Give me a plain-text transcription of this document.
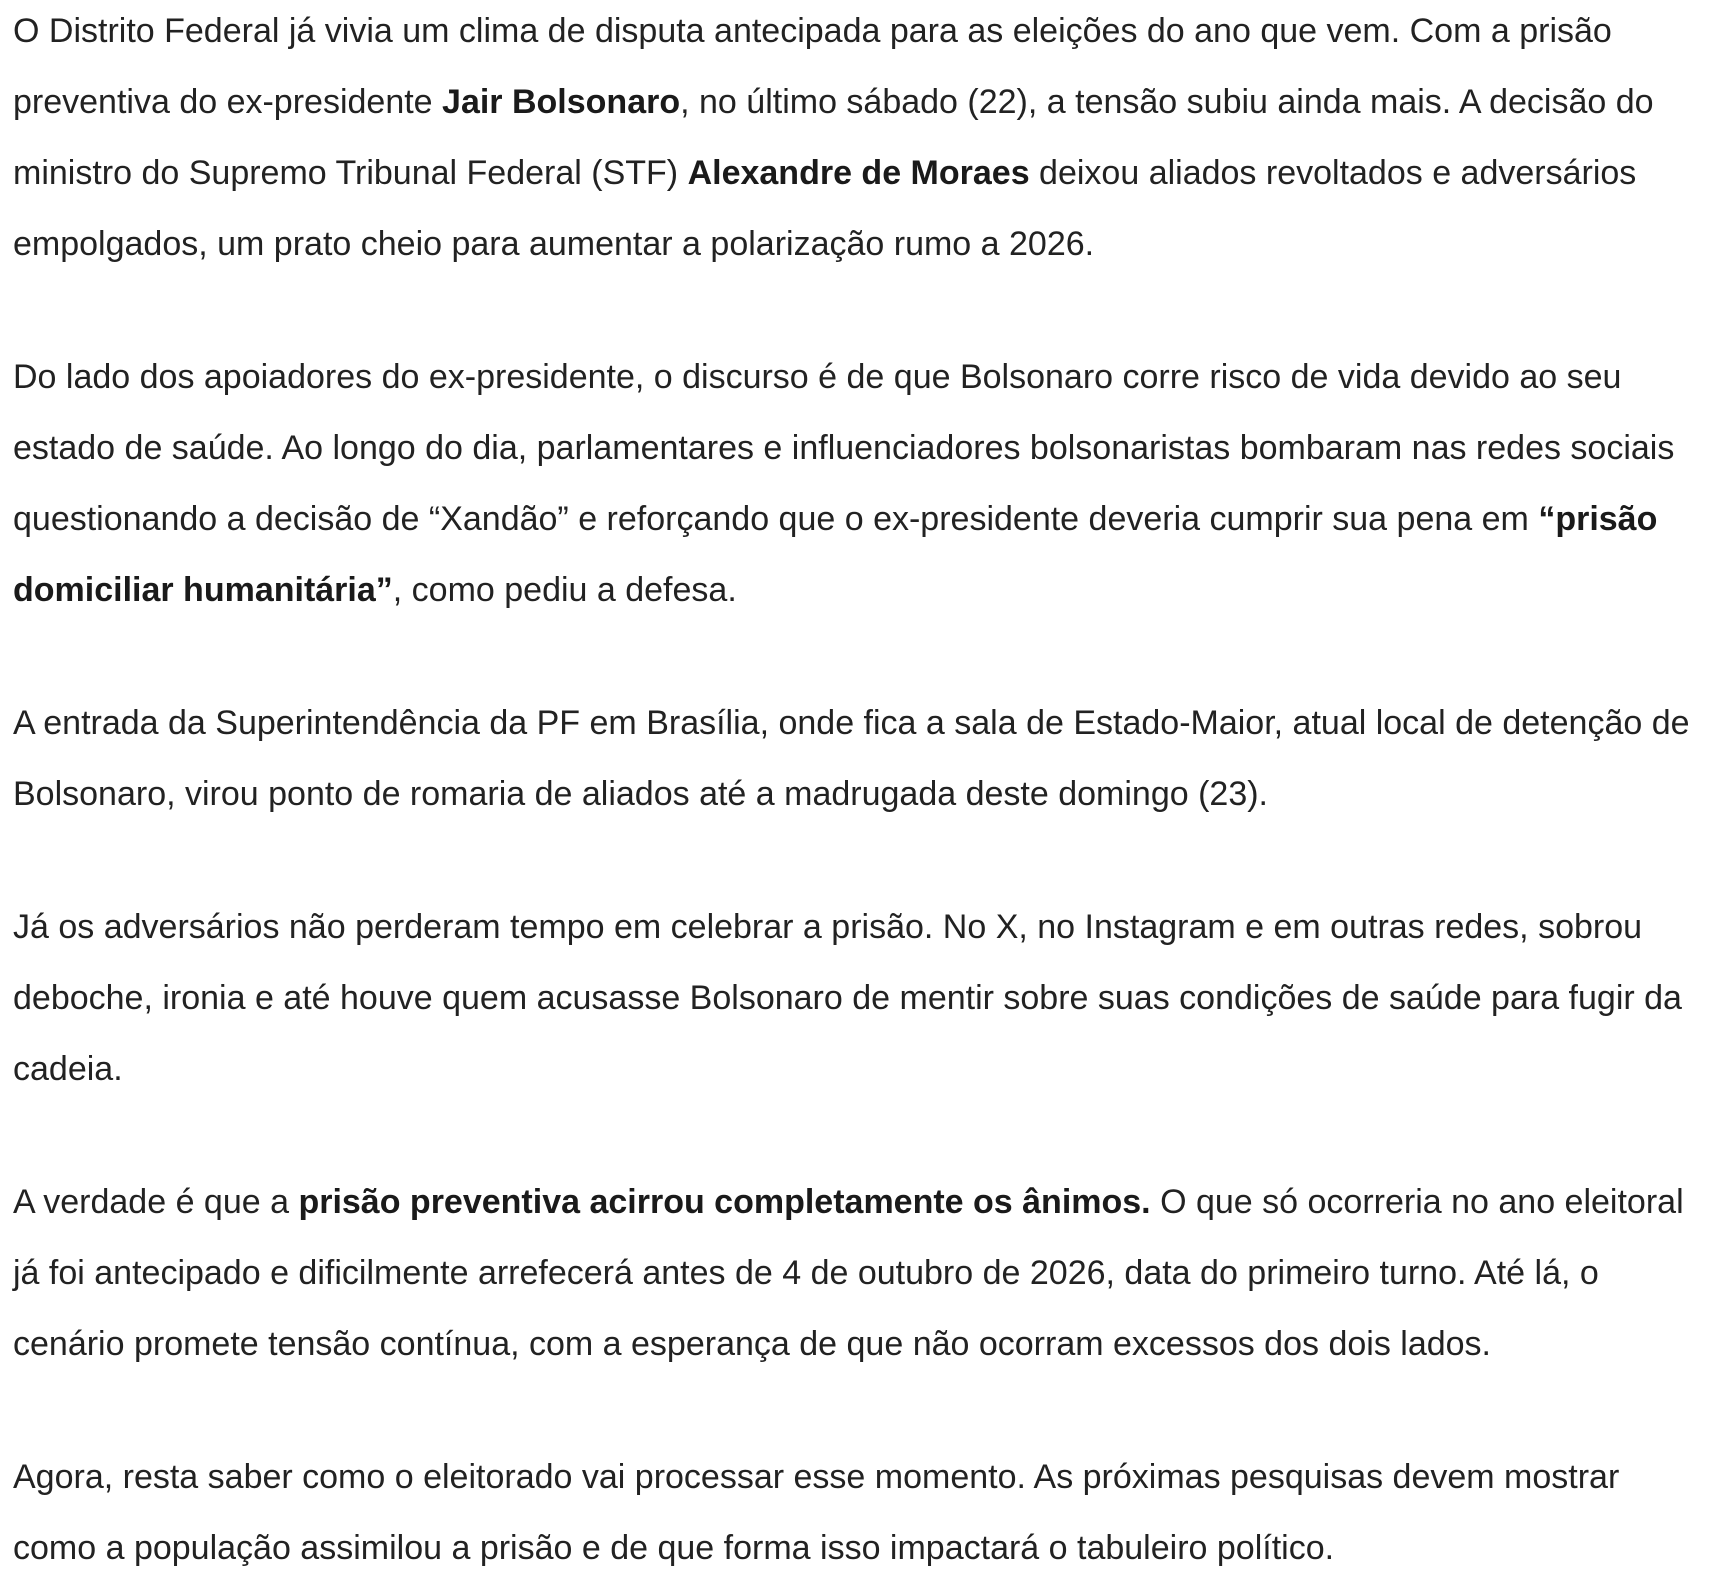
O Distrito Federal já vivia um clima de disputa antecipada para as eleições do ano que vem. Com a prisão preventiva do ex-presidente Jair Bolsonaro, no último sábado (22), a tensão subiu ainda mais. A decisão do ministro do Supremo Tribunal Federal (STF) Alexandre de Moraes deixou aliados revoltados e adversários empolgados, um prato cheio para aumentar a polarização rumo a 2026.

Do lado dos apoiadores do ex-presidente, o discurso é de que Bolsonaro corre risco de vida devido ao seu estado de saúde. Ao longo do dia, parlamentares e influenciadores bolsonaristas bombaram nas redes sociais questionando a decisão de “Xandão” e reforçando que o ex-presidente deveria cumprir sua pena em “prisão domiciliar humanitária”, como pediu a defesa.

A entrada da Superintendência da PF em Brasília, onde fica a sala de Estado-Maior, atual local de detenção de Bolsonaro, virou ponto de romaria de aliados até a madrugada deste domingo (23).

Já os adversários não perderam tempo em celebrar a prisão. No X, no Instagram e em outras redes, sobrou deboche, ironia e até houve quem acusasse Bolsonaro de mentir sobre suas condições de saúde para fugir da cadeia.

A verdade é que a prisão preventiva acirrou completamente os ânimos. O que só ocorreria no ano eleitoral já foi antecipado e dificilmente arrefecerá antes de 4 de outubro de 2026, data do primeiro turno. Até lá, o cenário promete tensão contínua, com a esperança de que não ocorram excessos dos dois lados.

Agora, resta saber como o eleitorado vai processar esse momento. As próximas pesquisas devem mostrar como a população assimilou a prisão e de que forma isso impactará o tabuleiro político.
